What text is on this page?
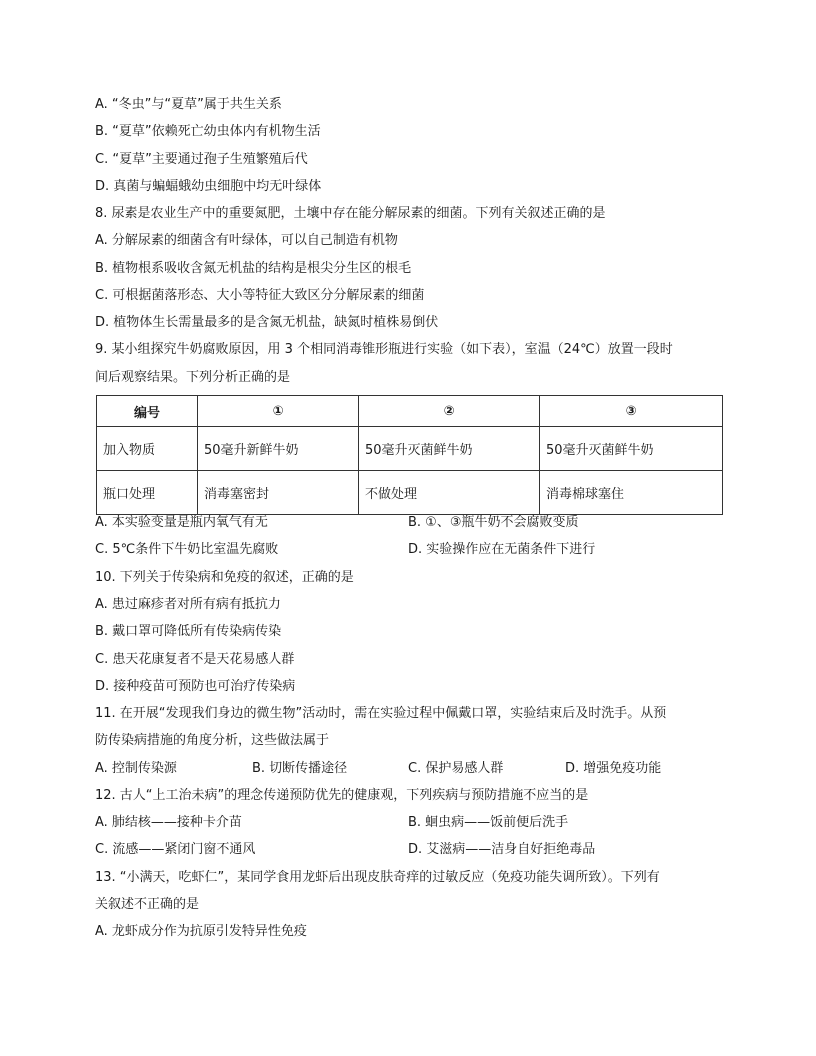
A. “冬虫”与“夏草”属于共生关系
B. “夏草”依赖死亡幼虫体内有机物生活
C. “夏草”主要通过孢子生殖繁殖后代
D. 真菌与蝙蝠蛾幼虫细胞中均无叶绿体
8. 尿素是农业生产中的重要氮肥，土壤中存在能分解尿素的细菌。下列有关叙述正确的是
A. 分解尿素的细菌含有叶绿体，可以自己制造有机物
B. 植物根系吸收含氮无机盐的结构是根尖分生区的根毛
C. 可根据菌落形态、大小等特征大致区分分解尿素的细菌
D. 植物体生长需量最多的是含氮无机盐，缺氮时植株易倒伏
9. 某小组探究牛奶腐败原因，用 3 个相同消毒锥形瓶进行实验（如下表），室温（24℃）放置一段时
间后观察结果。下列分析正确的是
编号	①	②	③
加入物质	50毫升新鲜牛奶	50毫升灭菌鲜牛奶	50毫升灭菌鲜牛奶
瓶口处理	消毒塞密封	不做处理	消毒棉球塞住
A. 本实验变量是瓶内氧气有无	B. ①、③瓶牛奶不会腐败变质
C. 5℃条件下牛奶比室温先腐败	D. 实验操作应在无菌条件下进行
10. 下列关于传染病和免疫的叙述，正确的是
A. 患过麻疹者对所有病有抵抗力
B. 戴口罩可降低所有传染病传染
C. 患天花康复者不是天花易感人群
D. 接种疫苗可预防也可治疗传染病
11. 在开展“发现我们身边的微生物”活动时，需在实验过程中佩戴口罩，实验结束后及时洗手。从预
防传染病措施的角度分析，这些做法属于
A. 控制传染源	B. 切断传播途径	C. 保护易感人群	D. 增强免疫功能
12. 古人“上工治未病”的理念传递预防优先的健康观，下列疾病与预防措施不应当的是
A. 肺结核——接种卡介苗	B. 蛔虫病——饭前便后洗手
C. 流感——紧闭门窗不通风	D. 艾滋病——洁身自好拒绝毒品
13. “小满天，吃虾仁”，某同学食用龙虾后出现皮肤奇痒的过敏反应（免疫功能失调所致）。下列有
关叙述不正确的是
A. 龙虾成分作为抗原引发特异性免疫
